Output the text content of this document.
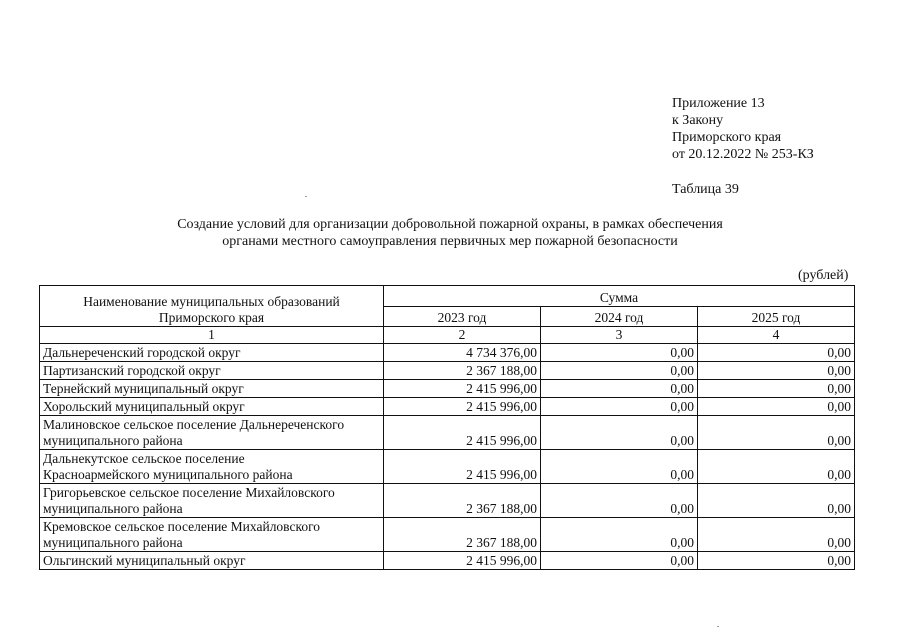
Приложение 13
к Закону
Приморского края
от 20.12.2022 № 253-КЗ
Таблица 39
Создание условий для организации добровольной пожарной охраны, в рамках обеспечения
органами местного самоуправления первичных мер пожарной безопасности
(рублей)
Наименование муниципальных образований
Приморского края	Сумма		
	2023 год	2024 год	2025 год
1	2	3	4
Дальнереченский городской округ	4 734 376,00	0,00	0,00
Партизанский городской округ	2 367 188,00	0,00	0,00
Тернейский муниципальный округ	2 415 996,00	0,00	0,00
Хорольский муниципальный округ	2 415 996,00	0,00	0,00

Малиновское сельское поселение Дальнереченского
муниципального района	2 415 996,00	0,00	0,00

Дальнекутское сельское поселение
Красноармейского муниципального района	2 415 996,00	0,00	0,00

Григорьевское сельское поселение Михайловского
муниципального района	2 367 188,00	0,00	0,00

Кремовское сельское поселение Михайловского
муниципального района	2 367 188,00	0,00	0,00
Ольгинский муниципальный округ	2 415 996,00	0,00	0,00
